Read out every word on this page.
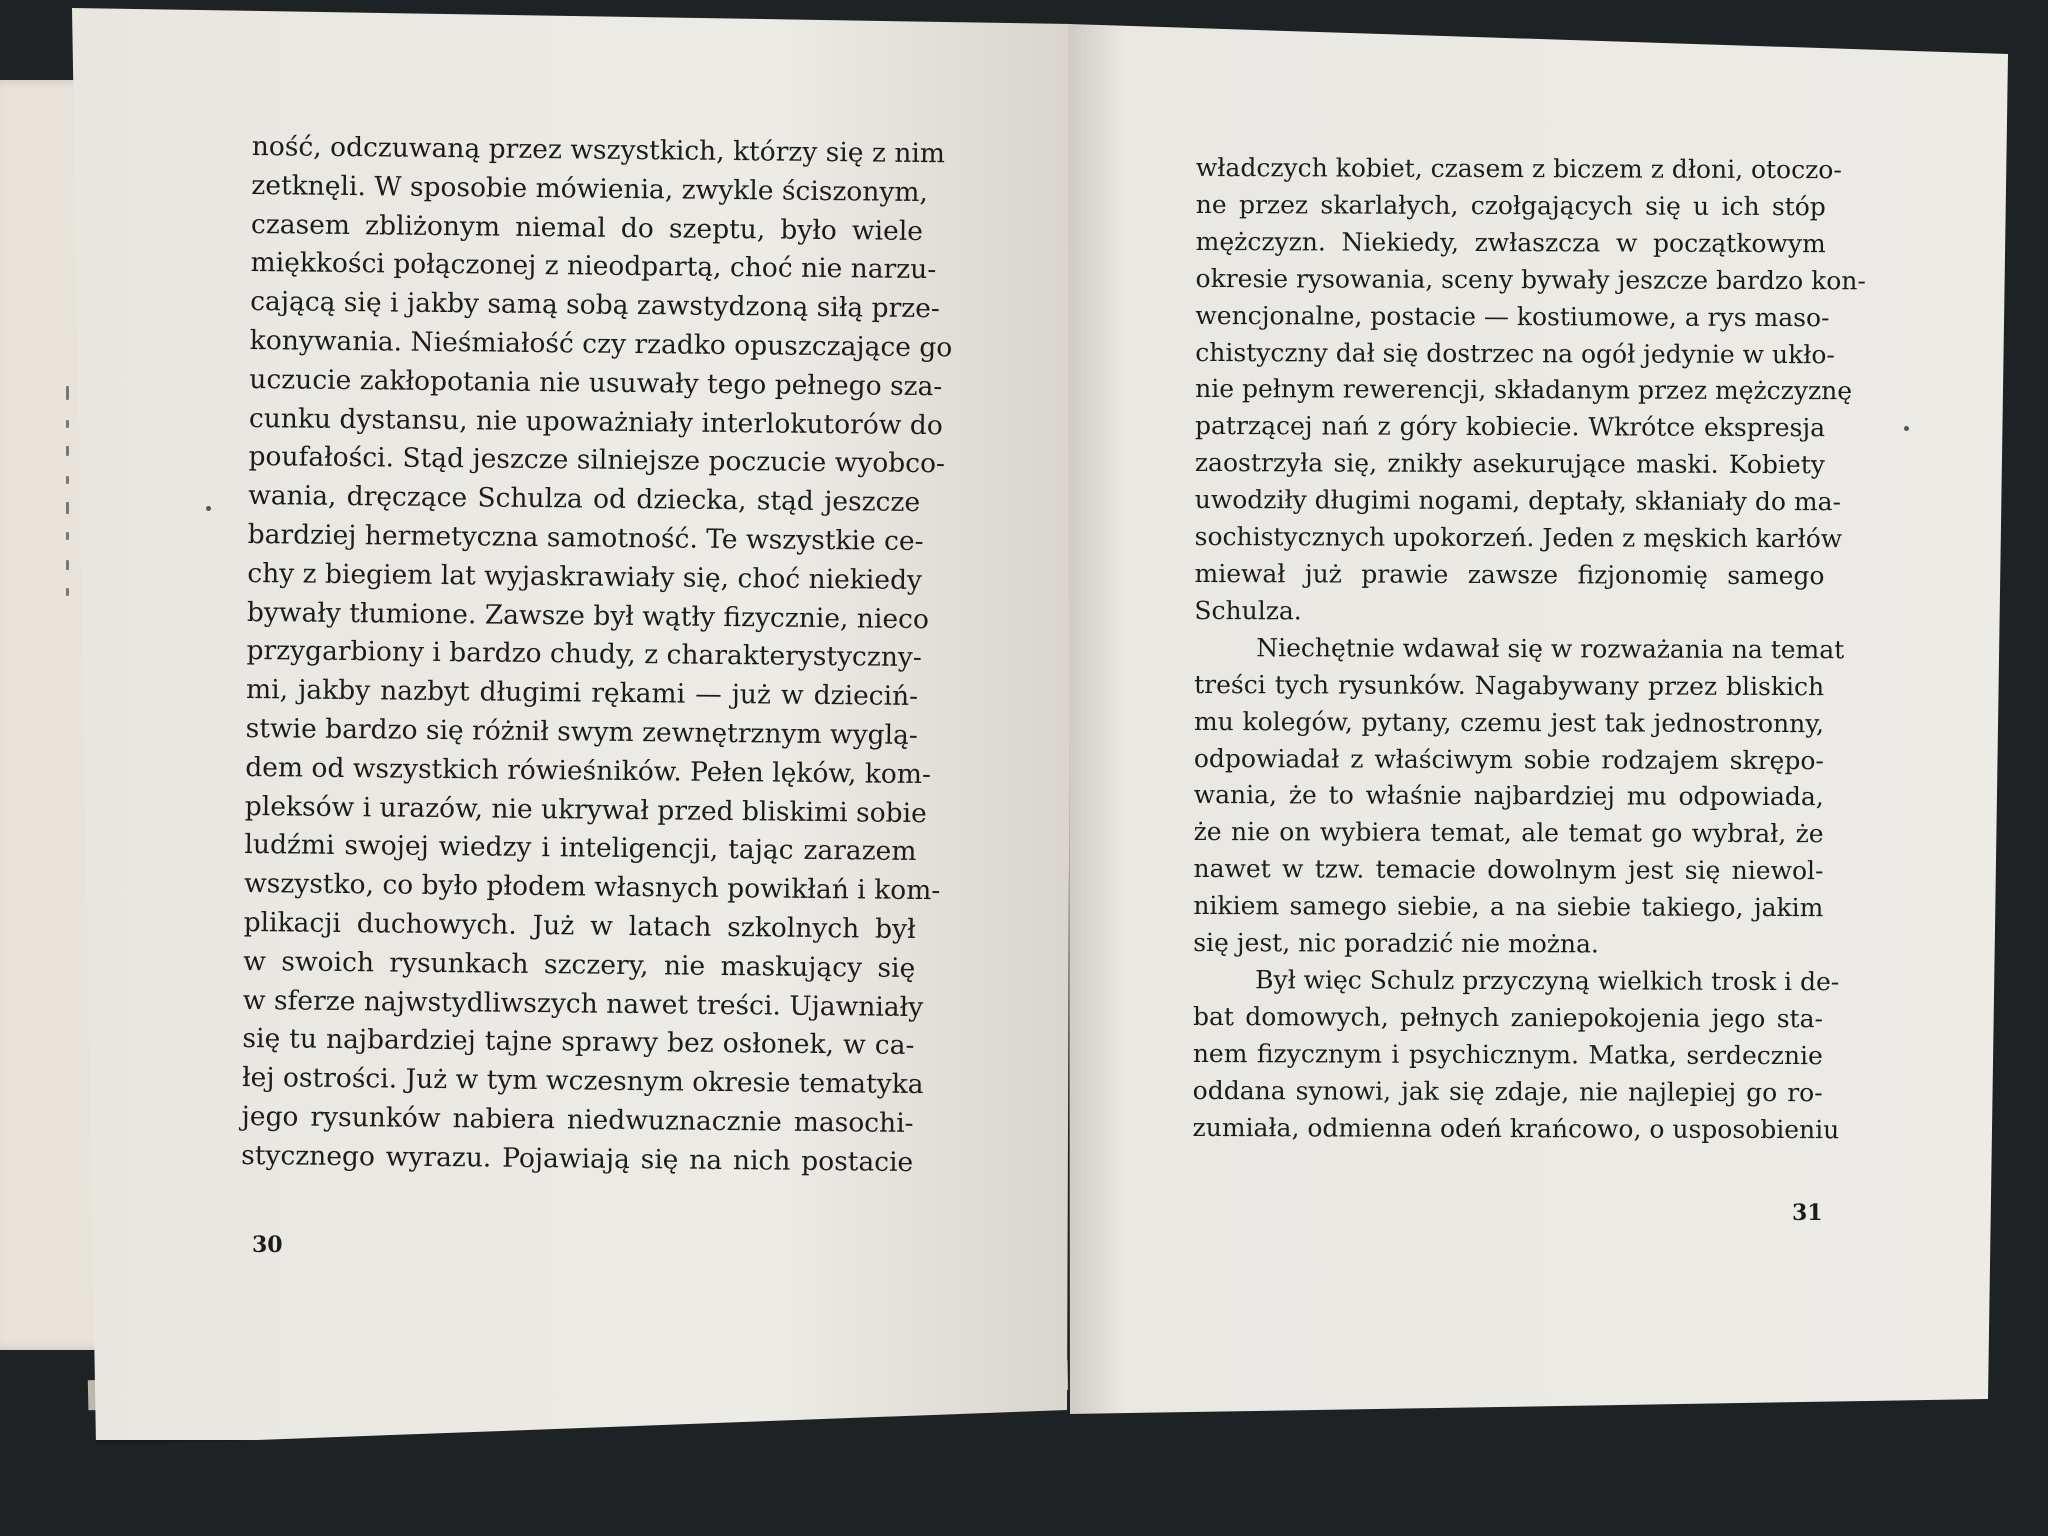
ność, odczuwaną przez wszystkich, którzy się z nim
zetknęli. W sposobie mówienia, zwykle ściszonym,
czasem zbliżonym niemal do szeptu, było wiele
miękkości połączonej z nieodpartą, choć nie narzu-
cającą się i jakby samą sobą zawstydzoną siłą prze-
konywania. Nieśmiałość czy rzadko opuszczające go
uczucie zakłopotania nie usuwały tego pełnego sza-
cunku dystansu, nie upoważniały interlokutorów do
poufałości. Stąd jeszcze silniejsze poczucie wyobco-
wania, dręczące Schulza od dziecka, stąd jeszcze
bardziej hermetyczna samotność. Te wszystkie ce-
chy z biegiem lat wyjaskrawiały się, choć niekiedy
bywały tłumione. Zawsze był wątły fizycznie, nieco
przygarbiony i bardzo chudy, z charakterystyczny-
mi, jakby nazbyt długimi rękami — już w dzieciń-
stwie bardzo się różnił swym zewnętrznym wyglą-
dem od wszystkich rówieśników. Pełen lęków, kom-
pleksów i urazów, nie ukrywał przed bliskimi sobie
ludźmi swojej wiedzy i inteligencji, tając zarazem
wszystko, co było płodem własnych powikłań i kom-
plikacji duchowych. Już w latach szkolnych był
w swoich rysunkach szczery, nie maskujący się
w sferze najwstydliwszych nawet treści. Ujawniały
się tu najbardziej tajne sprawy bez osłonek, w ca-
łej ostrości. Już w tym wczesnym okresie tematyka
jego rysunków nabiera niedwuznacznie masochi-
stycznego wyrazu. Pojawiają się na nich postacie
30
władczych kobiet, czasem z biczem z dłoni, otoczo-
ne przez skarlałych, czołgających się u ich stóp
mężczyzn. Niekiedy, zwłaszcza w początkowym
okresie rysowania, sceny bywały jeszcze bardzo kon-
wencjonalne, postacie — kostiumowe, a rys maso-
chistyczny dał się dostrzec na ogół jedynie w ukło-
nie pełnym rewerencji, składanym przez mężczyznę
patrzącej nań z góry kobiecie. Wkrótce ekspresja
zaostrzyła się, znikły asekurujące maski. Kobiety
uwodziły długimi nogami, deptały, skłaniały do ma-
sochistycznych upokorzeń. Jeden z męskich karłów
miewał już prawie zawsze fizjonomię samego
Schulza.
Niechętnie wdawał się w rozważania na temat
treści tych rysunków. Nagabywany przez bliskich
mu kolegów, pytany, czemu jest tak jednostronny,
odpowiadał z właściwym sobie rodzajem skrępo-
wania, że to właśnie najbardziej mu odpowiada,
że nie on wybiera temat, ale temat go wybrał, że
nawet w tzw. temacie dowolnym jest się niewol-
nikiem samego siebie, a na siebie takiego, jakim
się jest, nic poradzić nie można.
Był więc Schulz przyczyną wielkich trosk i de-
bat domowych, pełnych zaniepokojenia jego sta-
nem fizycznym i psychicznym. Matka, serdecznie
oddana synowi, jak się zdaje, nie najlepiej go ro-
zumiała, odmienna odeń krańcowo, o usposobieniu
31
